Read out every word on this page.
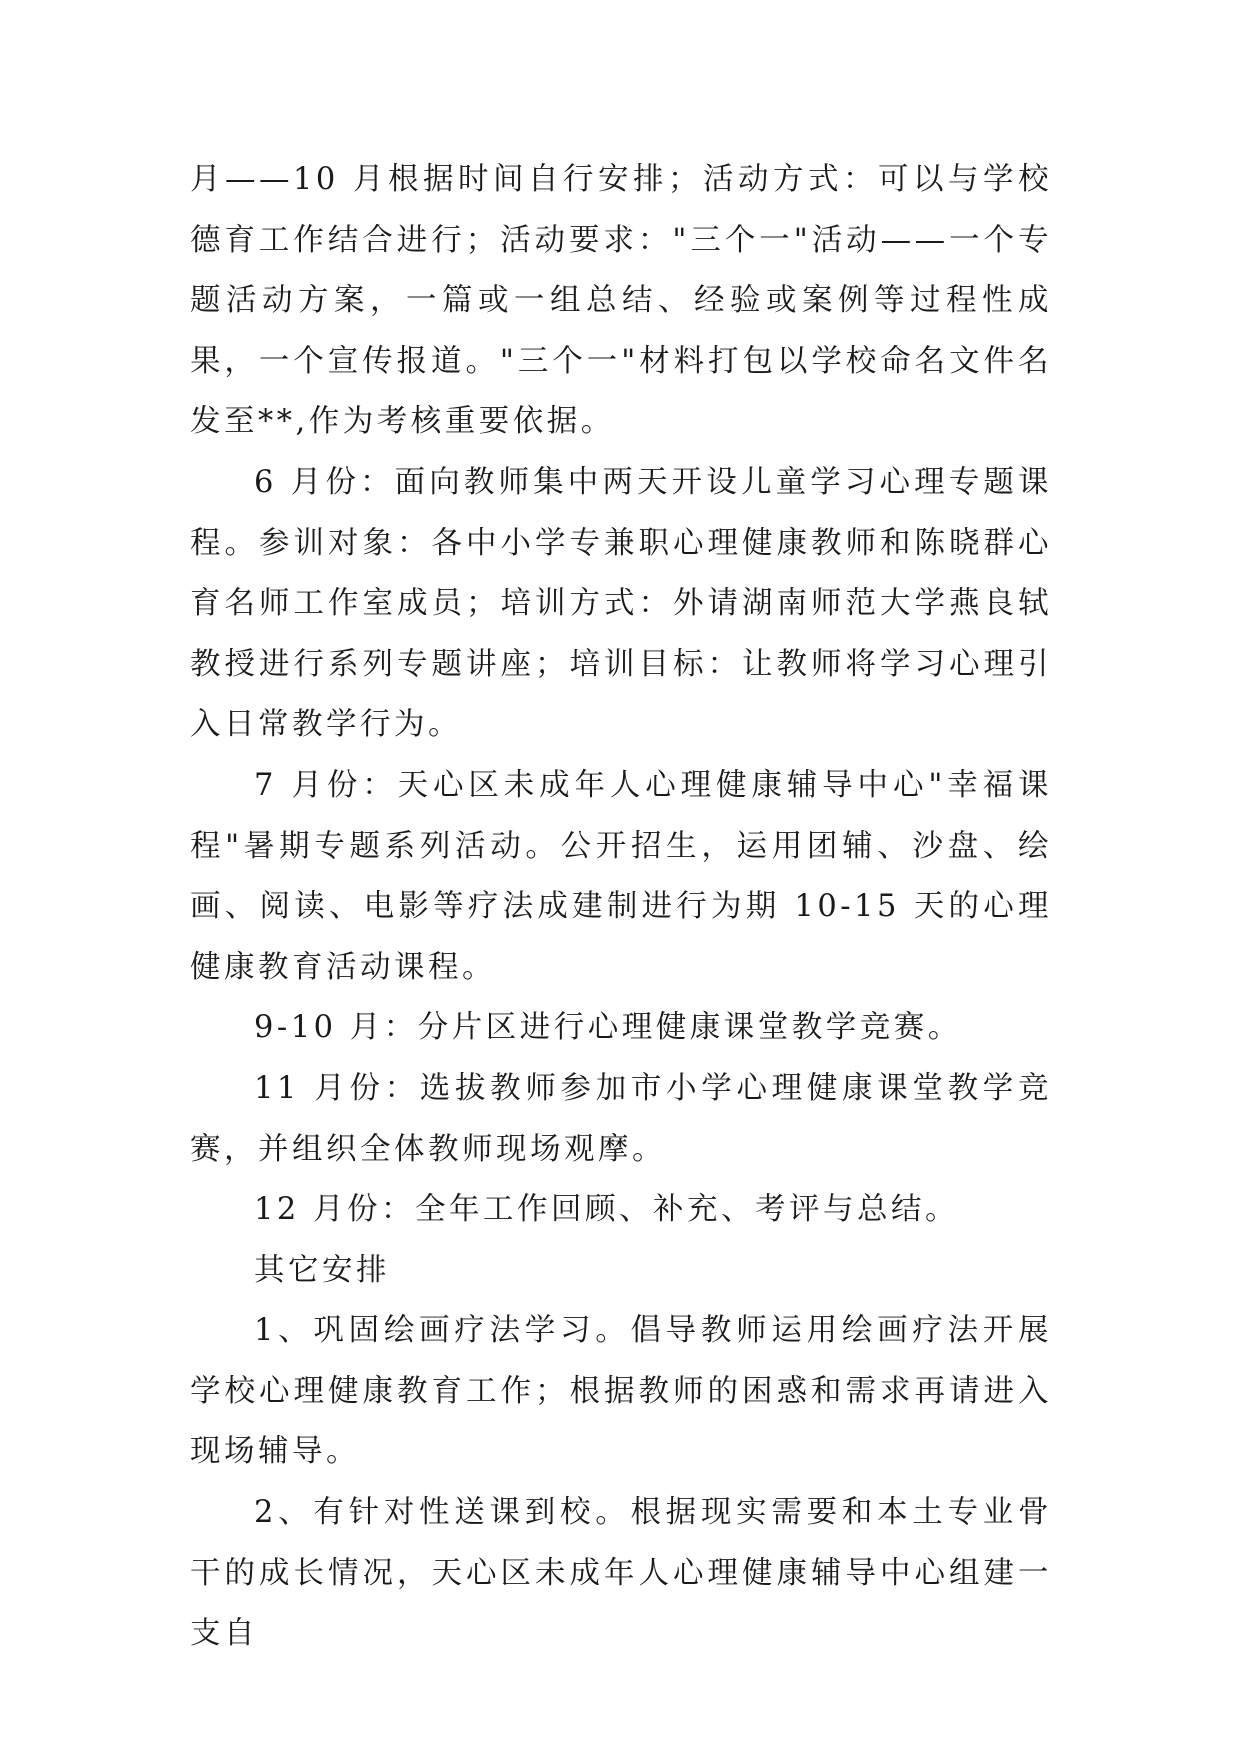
月——10 月根据时间自行安排；活动方式：可以与学校德育工作结合进行；活动要求："三个一"活动——一个专题活动方案，一篇或一组总结、经验或案例等过程性成果，一个宣传报道。"三个一"材料打包以学校命名文件名发至**,作为考核重要依据。

6 月份：面向教师集中两天开设儿童学习心理专题课程。参训对象：各中小学专兼职心理健康教师和陈晓群心育名师工作室成员；培训方式：外请湖南师范大学燕良轼教授进行系列专题讲座；培训目标：让教师将学习心理引入日常教学行为。

7 月份：天心区未成年人心理健康辅导中心"幸福课程"暑期专题系列活动。公开招生，运用团辅、沙盘、绘画、阅读、电影等疗法成建制进行为期 10-15 天的心理健康教育活动课程。

9-10 月：分片区进行心理健康课堂教学竞赛。

11 月份：选拔教师参加市小学心理健康课堂教学竞赛，并组织全体教师现场观摩。

12 月份：全年工作回顾、补充、考评与总结。

其它安排

1、巩固绘画疗法学习。倡导教师运用绘画疗法开展学校心理健康教育工作；根据教师的困惑和需求再请进入现场辅导。

2、有针对性送课到校。根据现实需要和本土专业骨干的成长情况，天心区未成年人心理健康辅导中心组建一支自
